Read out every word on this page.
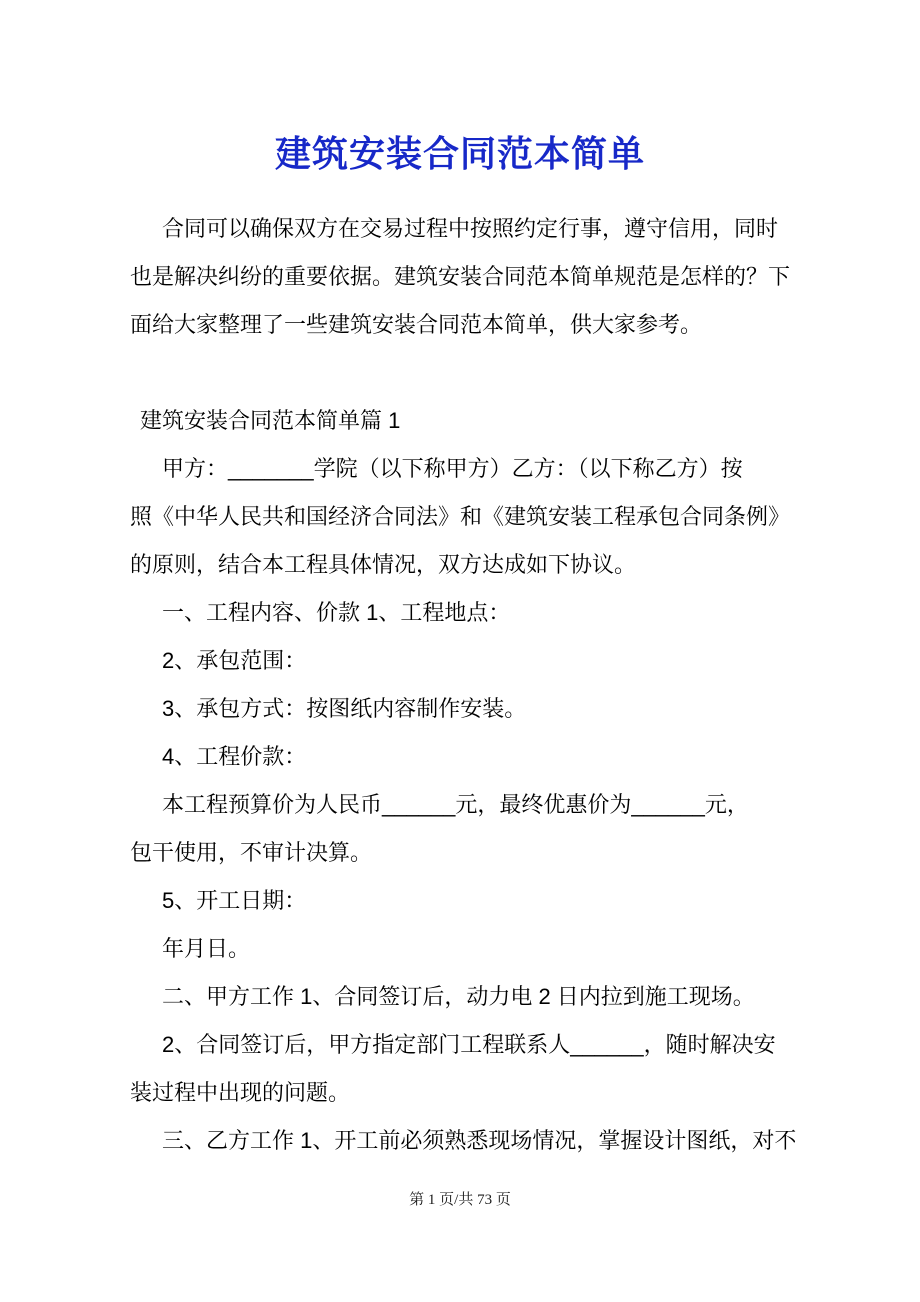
建筑安装合同范本简单
合同可以确保双方在交易过程中按照约定行事，遵守信用，同时
也是解决纠纷的重要依据。建筑安装合同范本简单规范是怎样的？下
面给大家整理了一些建筑安装合同范本简单，供大家参考。
建筑安装合同范本简单篇 1
甲方：_______学院（以下称甲方）乙方：（以下称乙方）按
照《中华人民共和国经济合同法》和《建筑安装工程承包合同条例》
的原则，结合本工程具体情况，双方达成如下协议。
一、工程内容、价款 1、工程地点：
2、承包范围：
3、承包方式：按图纸内容制作安装。
4、工程价款：
本工程预算价为人民币______元，最终优惠价为______元，
包干使用，不审计决算。
5、开工日期：
年月日。
二、甲方工作 1、合同签订后，动力电 2 日内拉到施工现场。
2、合同签订后，甲方指定部门工程联系人______，随时解决安
装过程中出现的问题。
三、乙方工作 1、开工前必须熟悉现场情况，掌握设计图纸，对不
第 1 页/共 73 页
